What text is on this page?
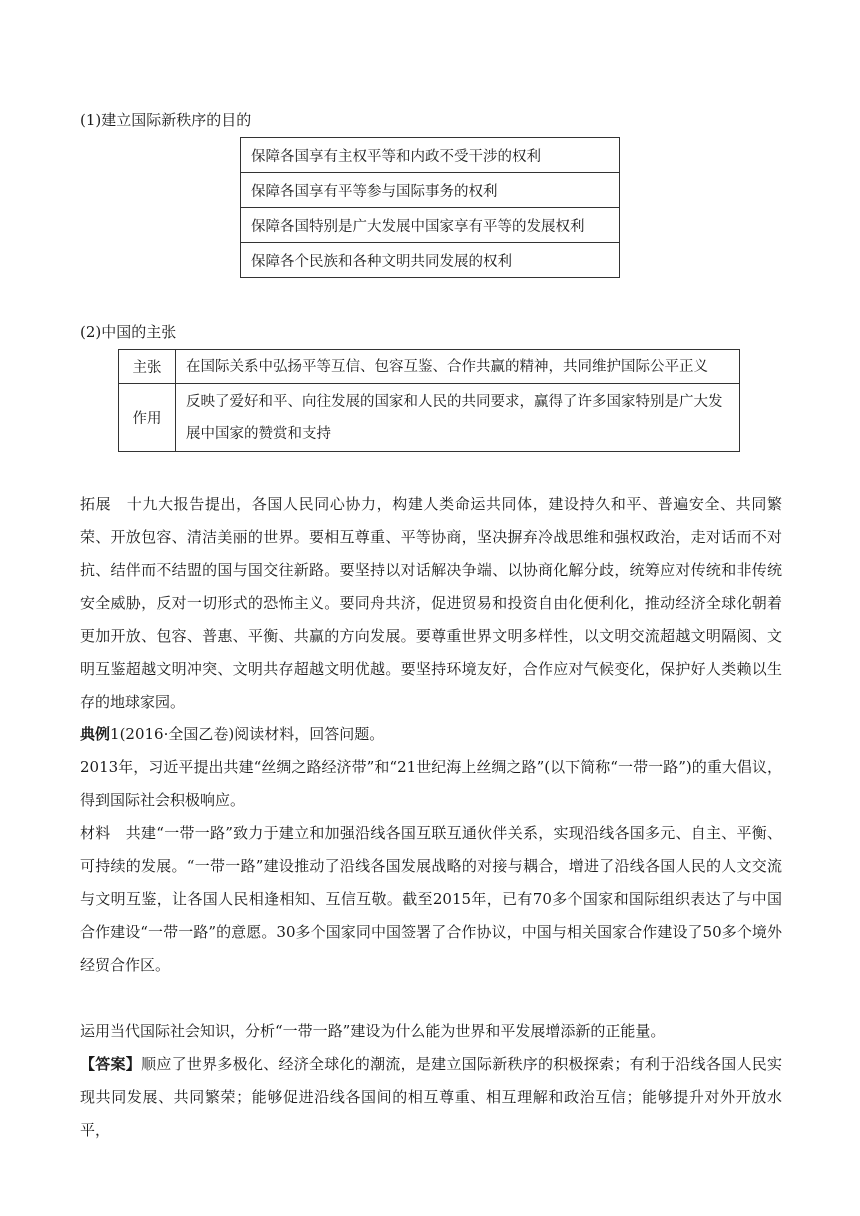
(1)建立国际新秩序的目的
保障各国享有主权平等和内政不受干涉的权利
保障各国享有平等参与国际事务的权利
保障各国特别是广大发展中国家享有平等的发展权利
保障各个民族和各种文明共同发展的权利
(2)中国的主张
主张	在国际关系中弘扬平等互信、包容互鉴、合作共赢的精神，共同维护国际公平正义
作用	反映了爱好和平、向往发展的国家和人民的共同要求，赢得了许多国家特别是广大发展中国家的赞赏和支持
拓展　十九大报告提出，各国人民同心协力，构建人类命运共同体，建设持久和平、普遍安全、共同繁荣、开放包容、清洁美丽的世界。要相互尊重、平等协商，坚决摒弃冷战思维和强权政治，走对话而不对抗、结伴而不结盟的国与国交往新路。要坚持以对话解决争端、以协商化解分歧，统筹应对传统和非传统安全威胁，反对一切形式的恐怖主义。要同舟共济，促进贸易和投资自由化便利化，推动经济全球化朝着更加开放、包容、普惠、平衡、共赢的方向发展。要尊重世界文明多样性，以文明交流超越文明隔阂、文明互鉴超越文明冲突、文明共存超越文明优越。要坚持环境友好，合作应对气候变化，保护好人类赖以生存的地球家园。
典例1(2016·全国乙卷)阅读材料，回答问题。
2013年，习近平提出共建“丝绸之路经济带”和“21世纪海上丝绸之路”(以下简称“一带一路”)的重大倡议，得到国际社会积极响应。
材料　共建“一带一路”致力于建立和加强沿线各国互联互通伙伴关系，实现沿线各国多元、自主、平衡、可持续的发展。“一带一路”建设推动了沿线各国发展战略的对接与耦合，增进了沿线各国人民的人文交流与文明互鉴，让各国人民相逢相知、互信互敬。截至2015年，已有70多个国家和国际组织表达了与中国合作建设“一带一路”的意愿。30多个国家同中国签署了合作协议，中国与相关国家合作建设了50多个境外经贸合作区。
运用当代国际社会知识，分析“一带一路”建设为什么能为世界和平发展增添新的正能量。
【答案】顺应了世界多极化、经济全球化的潮流，是建立国际新秩序的积极探索；有利于沿线各国人民实现共同发展、共同繁荣；能够促进沿线各国间的相互尊重、相互理解和政治互信；能够提升对外开放水平，
